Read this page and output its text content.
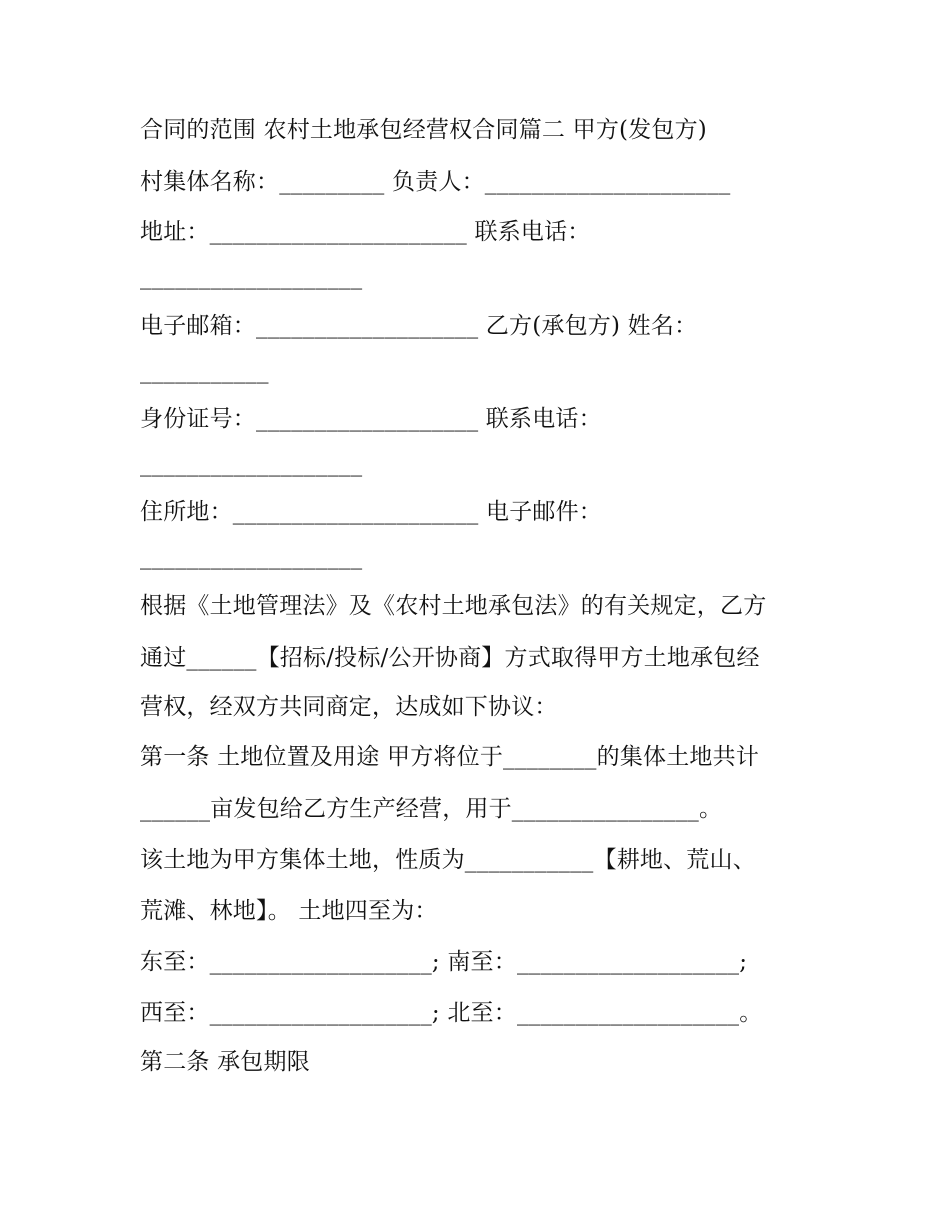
合同的范围 农村土地承包经营权合同篇二 甲方(发包方)
村集体名称：_________ 负责人：_____________________
地址：______________________ 联系电话：
___________________
电子邮箱：___________________ 乙方(承包方) 姓名：
___________
身份证号：___________________ 联系电话：
___________________
住所地：_____________________ 电子邮件：
___________________
根据《土地管理法》及《农村土地承包法》的有关规定，乙方
通过______【招标/投标/公开协商】方式取得甲方土地承包经
营权，经双方共同商定，达成如下协议：
第一条 土地位置及用途 甲方将位于________的集体土地共计
______亩发包给乙方生产经营，用于________________。
该土地为甲方集体土地，性质为___________【耕地、荒山、
荒滩、林地】。 土地四至为：
东至：___________________; 南至：___________________;
西至：___________________; 北至：___________________。
第二条 承包期限
